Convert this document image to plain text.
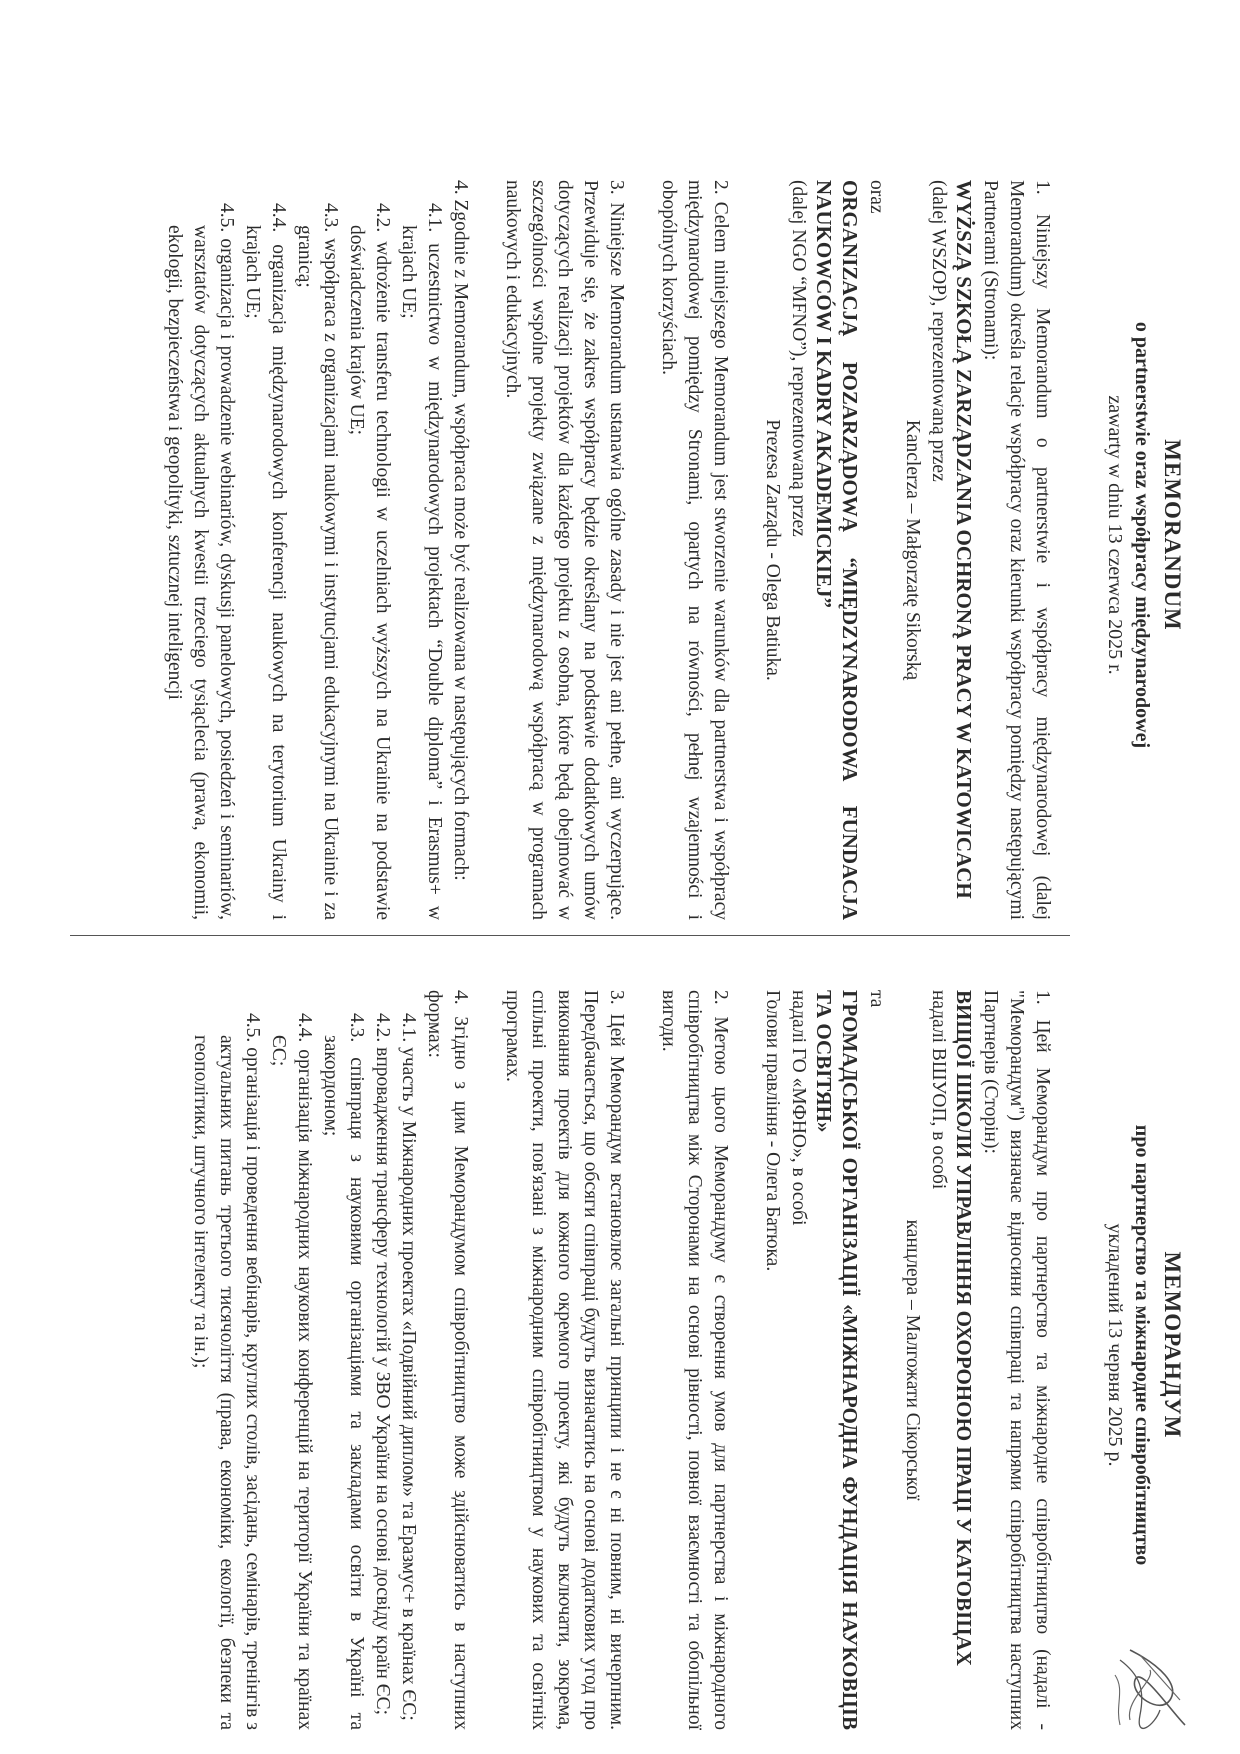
MEMORANDUM
o partnerstwie oraz współpracy międzynarodowej
zawarty w dniu 13 czerwca 2025 r.
1. Niniejszy Memorandum o partnerstwie i współpracy międzynarodowej (dalej Memorandum) określa relacje współpracy oraz kierunki współpracy pomiędzy następującymi Partnerami (Stronami):
WYŻSZĄ SZKOŁĄ ZARZĄDZANIA OCHRONĄ PRACY W KATOWICACH
(dalej WSZOP), reprezentowaną przez
Kanclerza – Małgorzatę Sikorską
oraz
ORGANIZACJĄ POZARZĄDOWĄ “MIĘDZYNARODOWA FUNDACJA NAUKOWCÓW I KADRY AKADEMICKIEJ”
(dalej NGO “MFNO”), reprezentowaną przez
Prezesa Zarządu - Olega Batiuka.
2. Celem niniejszego Memorandum jest stworzenie warunków dla partnerstwa i współpracy międzynarodowej pomiędzy Stronami, opartych na równości, pełnej wzajemności i obopólnych korzyściach.
3. Niniejsze Memorandum ustanawia ogólne zasady i nie jest ani pełne, ani wyczerpujące. Przewiduje się, że zakres współpracy będzie określany na podstawie dodatkowych umów dotyczących realizacji projektów dla każdego projektu z osobna, które będą obejmować w szczególności wspólne projekty związane z międzynarodową współpracą w programach naukowych i edukacyjnych.
4. Zgodnie z Memorandum, współpraca może być realizowana w następujących formach:
4.1. uczestnictwo w międzynarodowych projektach “Double diploma” i Erasmus+ w krajach UE;
4.2. wdrożenie transferu technologii w uczelniach wyższych na Ukrainie na podstawie doświadczenia krajów UE;
4.3. współpraca z organizacjami naukowymi i instytucjami edukacyjnymi na Ukrainie i za granicą;
4.4. organizacja międzynarodowych konferencji naukowych na terytorium Ukrainy i krajach UE;
4.5. organizacja i prowadzenie webinariów, dyskusji panelowych, posiedzeń i seminariów, warsztatów dotyczących aktualnych kwestii trzeciego tysiąclecia (prawa, ekonomii, ekologii, bezpieczeństwa i geopolityki, sztucznej inteligencji
МЕМОРАНДУМ
про партнерство та міжнародне співробітництво
укладений 13 червня 2025 р.
1. Цей Меморандум про партнерство та міжнародне співробітництво (надалі - "Меморандум") визначає відносини співпраці та напрями співробітництва наступних Партнерів (Сторін):
ВИЩОЇ ШКОЛИ УПРАВЛІННЯ ОХОРОНОЮ ПРАЦІ У КАТОВІЦАХ
надалі ВШУОП, в особі
канцлера – Малгожати Сікорської
та
ГРОМАДСЬКОЇ ОРГАНІЗАЦІЇ «МІЖНАРОДНА ФУНДАЦІЯ НАУКОВЦІВ ТА ОСВІТЯН»
надалі ГО «МФНО», в особі
Голови правління - Олега Батюка.
2. Метою цього Меморандуму є створення умов для партнерства і міжнародного співробітництва між Сторонами на основі рівності, повної взаємності та обопільної вигоди.
3. Цей Меморандум встановлює загальні принципи і не є ні повним, ні вичерпним. Передбачається, що обсяги співпраці будуть визначатись на основі додаткових угод про виконання проектів для кожного окремого проекту, які будуть включати, зокрема, спільні проекти, пов'язані з міжнародним співробітництвом у наукових та освітніх програмах.
4. Згідно з цим Меморандумом співробітництво може здійснюватись в наступних формах:
4.1. участь у Міжнародних проектах «Подвійний диплом» та Еразмус+ в країнах ЄС;
4.2. впровадження трансферу технологій у ЗВО України на основі досвіду країн ЄС;
4.3. співпраця з науковими організаціями та закладами освіти в Україні та закордоном;
4.4. організація міжнародних наукових конференцій на території України та країнах ЄС;
4.5. організація і проведення вебінарів, круглих столів, засідань, семінарів, тренінгів з актуальних питань третього тисячоліття (права, економіки, екології, безпеки та геополітики, штучного інтелекту та ін.);
